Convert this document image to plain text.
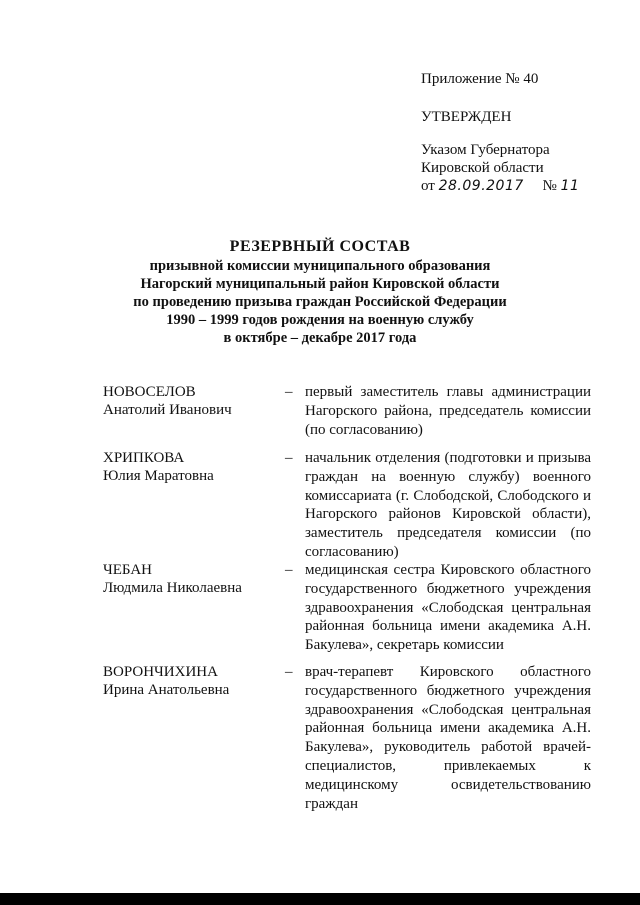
Приложение № 40
УТВЕРЖДЕН
Указом Губернатора
Кировской области
от 28.09.2017 № 11
РЕЗЕРВНЫЙ СОСТАВ
призывной комиссии муниципального образования
Нагорский муниципальный район Кировской области
по проведению призыва граждан Российской Федерации
1990 – 1999 годов рождения на военную службу
в октябре – декабре 2017 года
НОВОСЕЛОВ
Анатолий Иванович
– первый заместитель главы администрации Нагорского района, председатель комиссии (по согласованию)
ХРИПКОВА
Юлия Маратовна
– начальник отделения (подготовки и призыва граждан на военную службу) военного комиссариата (г. Слободской, Слободского и Нагорского районов Кировской области), заместитель председателя комиссии (по согласованию)
ЧЕБАН
Людмила Николаевна
– медицинская сестра Кировского областного государственного бюджетного учреждения здравоохранения «Слободская центральная районная больница имени академика А.Н. Бакулева», секретарь комиссии
ВОРОНЧИХИНА
Ирина Анатольевна
– врач-терапевт Кировского областного государственного бюджетного учреждения здравоохранения «Слободская центральная районная больница имени академика А.Н. Бакулева», руководитель работой врачей-специалистов, привлекаемых к медицинскому освидетельствованию граждан
